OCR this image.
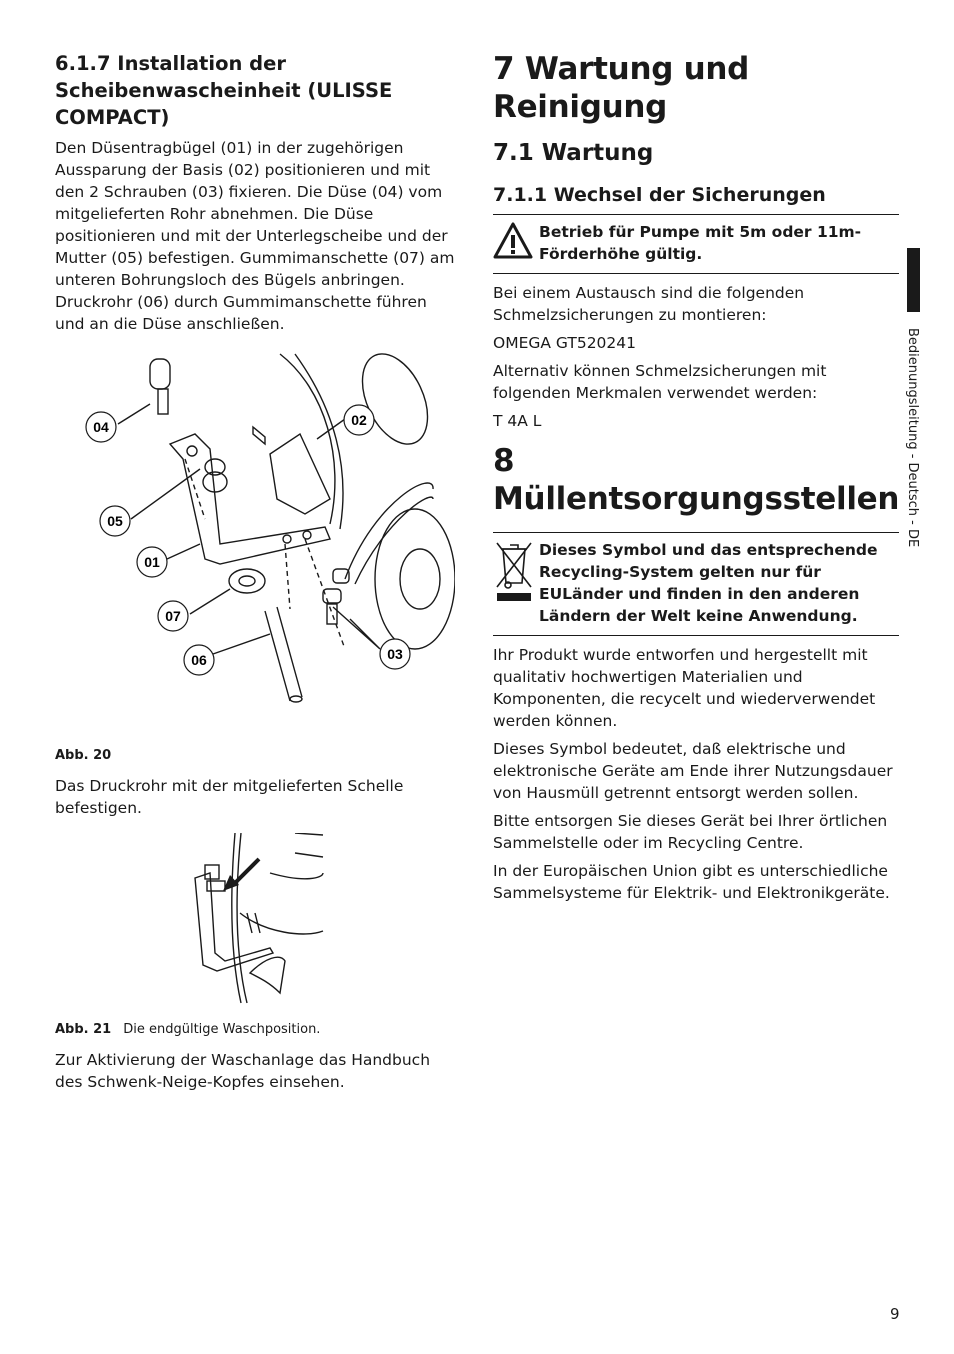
6.1.7 Installation der Scheibenwascheinheit (ULISSE COMPACT)

Den Düsentragbügel (01) in der zugehörigen Aussparung der Basis (02) positionieren und mit den 2 Schrauben (03) fixieren. Die Düse (04) vom mitgelieferten Rohr abnehmen. Die Düse positionieren und mit der Unterlegscheibe und der Mutter (05) befestigen. Gummimanschette (07) am unteren Bohrungsloch des Bügels anbringen. Druckrohr (06) durch Gummimanschette führen und an die Düse anschließen.

04	02
05
01
07
06	03

Abb. 20

Das Druckrohr mit der mitgelieferten Schelle befestigen.

Abb. 21 Die endgültige Waschposition.

Zur Aktivierung der Waschanlage das Handbuch des Schwenk-Neige-Kopfes einsehen.

7 Wartung und Reinigung
7.1 Wartung
7.1.1 Wechsel der Sicherungen
Betrieb für Pumpe mit 5m oder 11m-Förderhöhe gültig.

Bei einem Austausch sind die folgenden Schmelzsicherungen zu montieren:

OMEGA GT520241

Alternativ können Schmelzsicherungen mit folgenden Merkmalen verwendet werden:

T 4A L

8 Müllentsorgungsstellen
Dieses Symbol und das entsprechende Recycling-System gelten nur für EULänder und finden in den anderen Ländern der Welt keine Anwendung.

Ihr Produkt wurde entworfen und hergestellt mit qualitativ hochwertigen Materialien und Komponenten, die recycelt und wiederverwendet werden können.

Dieses Symbol bedeutet, daß elektrische und elektronische Geräte am Ende ihrer Nutzungsdauer von Hausmüll getrennt entsorgt werden sollen.

Bitte entsorgen Sie dieses Gerät bei Ihrer örtlichen Sammelstelle oder im Recycling Centre.

In der Europäischen Union gibt es unterschiedliche Sammelsysteme für Elektrik- und Elektronikgeräte.

Bedienungsleitung - Deutsch - DE
9
